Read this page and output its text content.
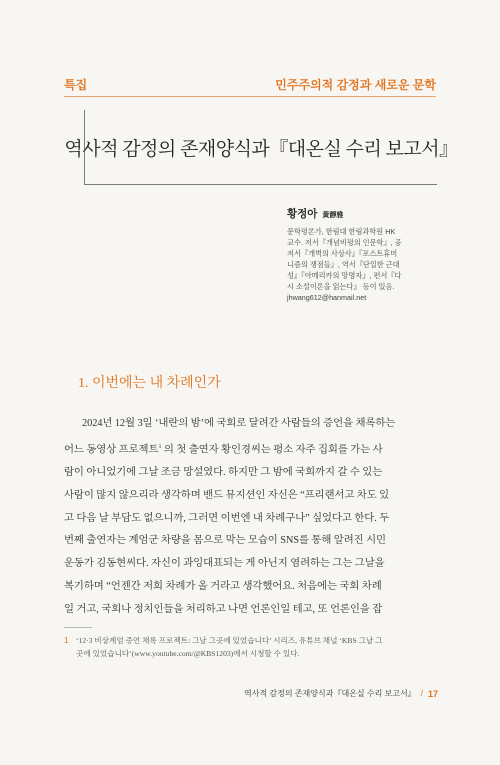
특집	민주주의적 감정과 새로운 문학
역사적 감정의 존재양식과『대온실 수리 보고서』
황정아 黃靜雅

문학평론가, 한림대 한림과학원 HK

교수. 저서『개념비평의 인문학』, 공

저서『개벽의 사상사』『포스트휴머

니즘의 쟁점들』, 역서『단일한 근대

성』『아메리카의 망명자』, 편서『다

시 소설이론을 읽는다』 등이 있음.

jhwang612@hanmail.net

1. 이번에는 내 차례인가

2024년 12월 3일 ‘내란의 밤’에 국회로 달려간 사람들의 증언을 채록하는

어느 동영상 프로젝트$^1$ 의 첫 출연자 황인경씨는 평소 자주 집회를 가는 사

람이 아니었기에 그날 조금 망설였다. 하지만 그 밤에 국회까지 갈 수 있는

사람이 많지 않으리라 생각하며 밴드 뮤지션인 자신은 “프리랜서고 차도 있

고 다음 날 부담도 없으니까, 그러면 이번엔 내 차례구나” 싶었다고 한다. 두

번째 출연자는 계엄군 차량을 몸으로 막는 모습이 SNS를 통해 알려진 시민

운동가 김동현씨다. 자신이 과잉대표되는 게 아닌지 염려하는 그는 그날을

복기하며 “언젠간 저희 차례가 올 거라고 생각했어요. 처음에는 국회 차례

일 거고, 국회나 정치인들을 처리하고 나면 언론인일 테고, 또 언론인을 잡

1 ‘12·3 비상계엄 증언 채록 프로젝트: 그날 그곳에 있었습니다’ 시리즈, 유튜브 채널 ‘KBS 그날 그

곳에 있었습니다’(www.youtube.com/@KBS1203)에서 시청할 수 있다.

역사적 감정의 존재양식과『대온실 수리 보고서』 / 17
